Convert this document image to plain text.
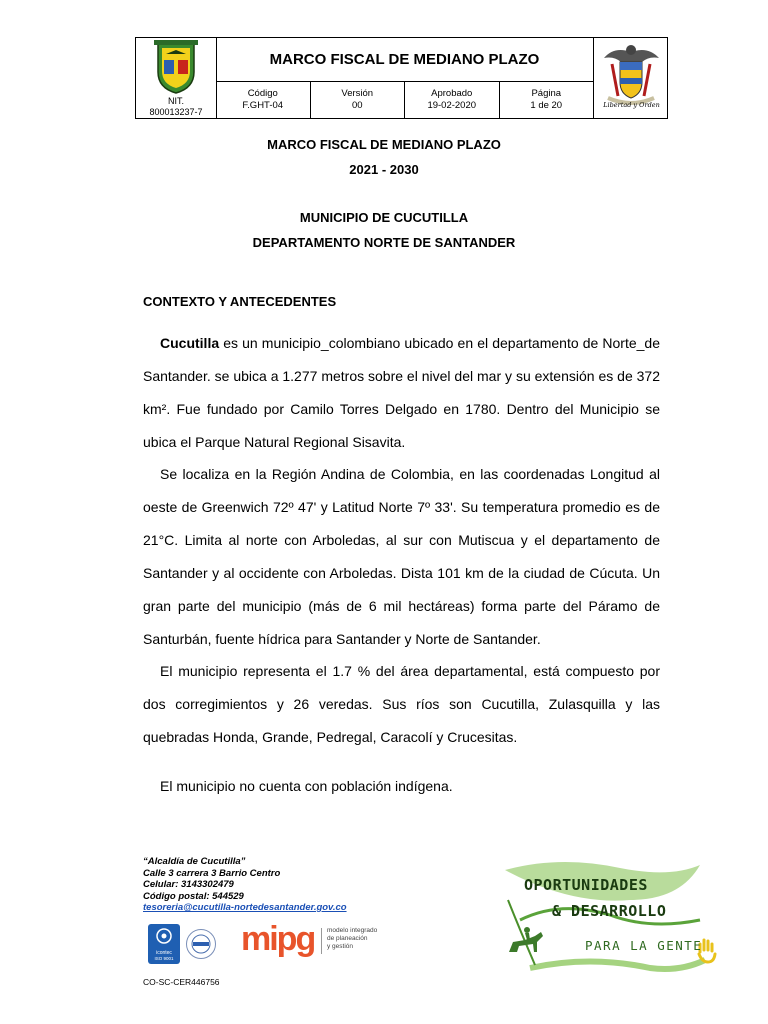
NIT.
800013237-7
MARCO FISCAL DE MEDIANO PLAZO
Código
F.GHT-04
Versión
00
Aprobado
19-02-2020
Página
1 de 20	Libertad y Orden
MARCO FISCAL DE MEDIANO PLAZO
2021 - 2030
MUNICIPIO DE CUCUTILLA
DEPARTAMENTO NORTE DE SANTANDER
CONTEXTO Y ANTECEDENTES
Cucutilla es un municipio_colombiano ubicado en el departamento de Norte_de Santander. se ubica a 1.277 metros sobre el nivel del mar y su extensión es de 372 km². Fue fundado por Camilo Torres Delgado en 1780. Dentro del Municipio se ubica el Parque Natural Regional Sisavita.
Se localiza en la Región Andina de Colombia, en las coordenadas Longitud al oeste de Greenwich 72º 47' y Latitud Norte 7º 33'. Su temperatura promedio es de 21°C. Limita al norte con Arboledas, al sur con Mutiscua y el departamento de Santander y al occidente con Arboledas. Dista 101 km de la ciudad de Cúcuta. Un gran parte del municipio (más de 6 mil hectáreas) forma parte del Páramo de Santurbán, fuente hídrica para Santander y Norte de Santander.
El municipio representa el 1.7 % del área departamental, está compuesto por dos corregimientos y 26 veredas. Sus ríos son Cucutilla, Zulasquilla y las quebradas Honda, Grande, Pedregal, Caracolí y Crucesitas.
El municipio no cuenta con población indígena.
“Alcaldía de Cucutilla”
Calle 3 carrera 3 Barrio Centro
Celular: 3143302479
Código postal: 544529
tesoreria@cucutilla-nortedesantander.gov.co
icontec
ISO 9001
mipg modelo integrado
de planeación
y gestión
CO-SC-CER446756
OPORTUNIDADES
& DESARROLLO
PARA LA GENTE
